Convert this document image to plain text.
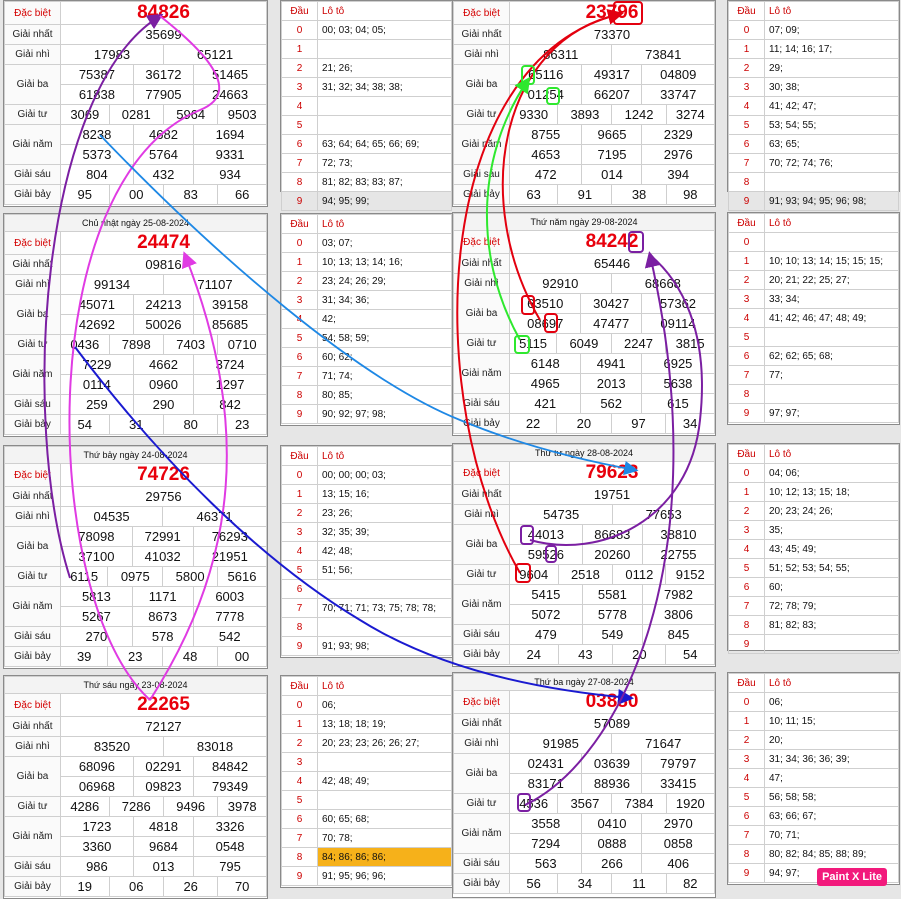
Đặc biệt	84826					
Giải nhất	35699					
Giải nhì	17983			65121		
Giải ba	75387		36172		51465	
	61838		77905		24663	
Giải tư	3069	0281		5964		9503
Giải năm	8238		4682		1694	
	5373		5764		9331	
Giải sáu	804		432		934	
Giải bảy	95	00		83		66
Chủ nhật ngày 25-08-2024						
Đặc biệt	24474					
Giải nhất	09816					
Giải nhì	99134			71107		
Giải ba	45071		24213		39158	
	42692		50026		85685	
Giải tư	0436	7898		7403		0710
Giải năm	7229		4662		3724	
	0114		0960		1297	
Giải sáu	259		290		842	
Giải bảy	54	31		80		23
Thứ bảy ngày 24-08-2024						
Đặc biệt	74726					
Giải nhất	29756					
Giải nhì	04535			46371		
Giải ba	78098		72991		76293	
	37100		41032		21951	
Giải tư	6115	0975		5800		5616
Giải năm	5813		1171		6003	
	5267		8673		7778	
Giải sáu	270		578		542	
Giải bảy	39	23		48		00
Thứ sáu ngày 23-08-2024						
Đặc biệt	22265					
Giải nhất	72127					
Giải nhì	83520			83018		
Giải ba	68096		02291		84842	
	06968		09823		79349	
Giải tư	4286	7286		9496		3978
Giải năm	1723		4818		3326	
	3360		9684		0548	
Giải sáu	986		013		795	
Giải bảy	19	06		26		70
Đặc biệt	23796					
Giải nhất	73370					
Giải nhì	86311			73841		
Giải ba	65116		49317		04809	
	01254		66207		33747	
Giải tư	9330	3893		1242		3274
Giải năm	8755		9665		2329	
	4653		7195		2976	
Giải sáu	472		014		394	
Giải bảy	63	91		38		98
Thứ năm ngày 29-08-2024						
Đặc biệt	84242					
Giải nhất	65446					
Giải nhì	92910			68668		
Giải ba	63510		30427		57362	
	08697		47477		09114	
Giải tư	5115	6049		2247		3815
Giải năm	6148		4941		6925	
	4965		2013		5638	
Giải sáu	421		562		615	
Giải bảy	22	20		97		34
Thứ tư ngày 28-08-2024						
Đặc biệt	79623					
Giải nhất	19751					
Giải nhì	54735			77653		
Giải ba	44013		86683		38810	
	59526		20260		22755	
Giải tư	9604	2518		0112		9152
Giải năm	5415		5581		7982	
	5072		5778		3806	
Giải sáu	479		549		845	
Giải bảy	24	43		20		54
Thứ ba ngày 27-08-2024						
Đặc biệt	03880					
Giải nhất	57089					
Giải nhì	91985			71647		
Giải ba	02431		03639		79797	
	83171		88936		33415	
Giải tư	4536	3567		7384		1920
Giải năm	3558		0410		2970	
	7294		0888		0858	
Giải sáu	563		266		406	
Giải bảy	56	34		11		82
Đầu	Lô tô
0	00; 03; 04; 05;
1	
2	21; 26;
3	31; 32; 34; 38; 38;
4	
5	
6	63; 64; 64; 65; 66; 69;
7	72; 73;
8	81; 82; 83; 83; 87;
9	94; 95; 99;
Đầu	Lô tô
0	03; 07;
1	10; 13; 13; 14; 16;
2	23; 24; 26; 29;
3	31; 34; 36;
4	42;
5	54; 58; 59;
6	60; 62;
7	71; 74;
8	80; 85;
9	90; 92; 97; 98;
Đầu	Lô tô
0	00; 00; 00; 03;
1	13; 15; 16;
2	23; 26;
3	32; 35; 39;
4	42; 48;
5	51; 56;
6	
7	70; 71; 71; 73; 75; 78; 78;
8	
9	91; 93; 98;
Đầu	Lô tô
0	06;
1	13; 18; 18; 19;
2	20; 23; 23; 26; 26; 27;
3	
4	42; 48; 49;
5	
6	60; 65; 68;
7	70; 78;
8	84; 86; 86; 86;
9	91; 95; 96; 96;
Đầu	Lô tô
0	07; 09;
1	11; 14; 16; 17;
2	29;
3	30; 38;
4	41; 42; 47;
5	53; 54; 55;
6	63; 65;
7	70; 72; 74; 76;
8	
9	91; 93; 94; 95; 96; 98;
Đầu	Lô tô
0	
1	10; 10; 13; 14; 15; 15; 15;
2	20; 21; 22; 25; 27;
3	33; 34;
4	41; 42; 46; 47; 48; 49;
5	
6	62; 62; 65; 68;
7	77;
8	
9	97; 97;
Đầu	Lô tô
0	04; 06;
1	10; 12; 13; 15; 18;
2	20; 23; 24; 26;
3	35;
4	43; 45; 49;
5	51; 52; 53; 54; 55;
6	60;
7	72; 78; 79;
8	81; 82; 83;
9	
Đầu	Lô tô
0	06;
1	10; 11; 15;
2	20;
3	31; 34; 36; 36; 39;
4	47;
5	56; 58; 58;
6	63; 66; 67;
7	70; 71;
8	80; 82; 84; 85; 88; 89;
9	94; 97;	Paint X Lite
